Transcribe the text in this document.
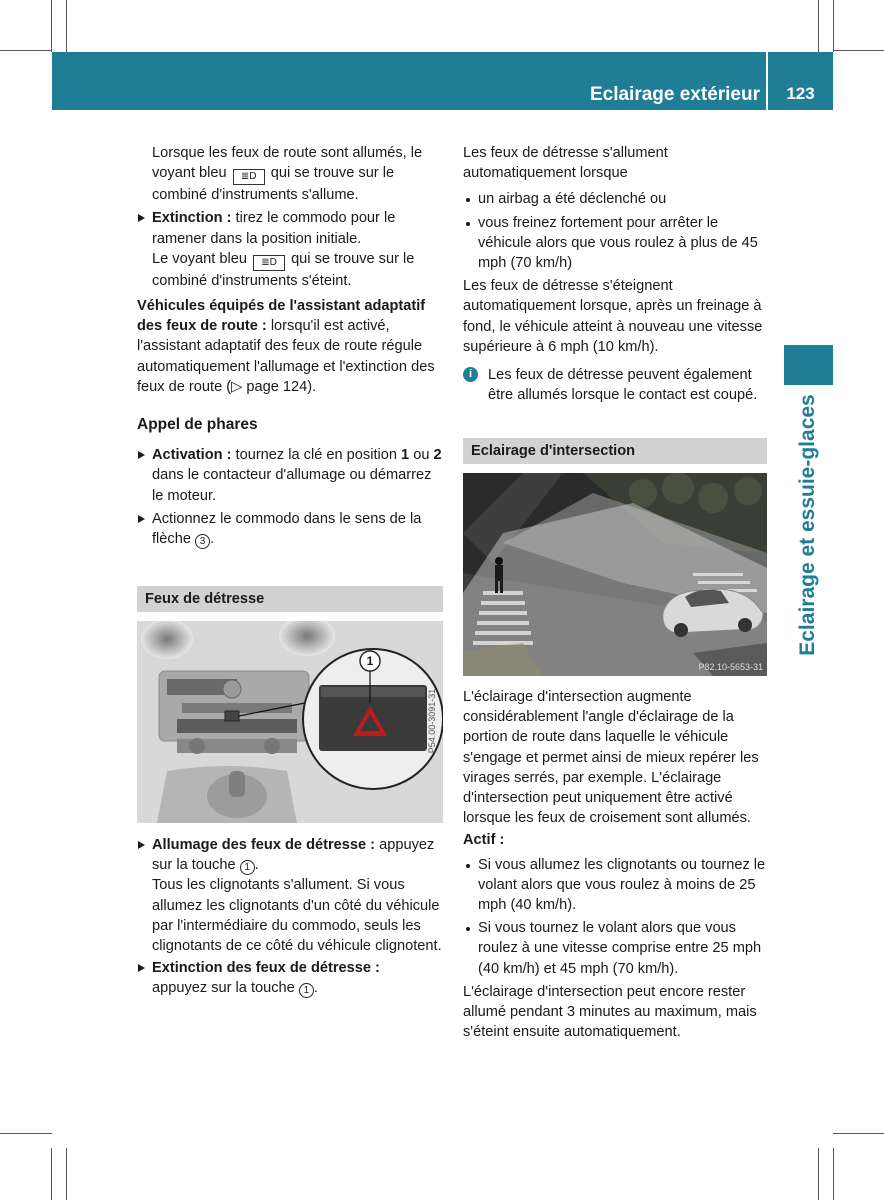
Eclairage extérieur	123
Eclairage et essuie-glaces

Lorsque les feux de route sont allumés, le voyant bleu ≣D qui se trouve sur le combiné d'instruments s'allume.

Extinction : tirez le commodo pour le ramener dans la position initiale.
Le voyant bleu ≣D qui se trouve sur le combiné d'instruments s'éteint.

Véhicules équipés de l'assistant adaptatif des feux de route : lorsqu'il est activé, l'assistant adaptatif des feux de route régule automatiquement l'allumage et l'extinction des feux de route (▷ page 124).

Appel de phares

Activation : tournez la clé en position 1 ou 2 dans le contacteur d'allumage ou démarrez le moteur.

Actionnez le commodo dans le sens de la flèche 3 .

Feux de détresse
1
P54.00-3091-31

Allumage des feux de détresse : appuyez sur la touche 1 .
Tous les clignotants s'allument. Si vous allumez les clignotants d'un côté du véhicule par l'intermédiaire du commodo, seuls les clignotants de ce côté du véhicule clignotent.

Extinction des feux de détresse :
appuyez sur la touche 1 .

Les feux de détresse s'allument automatiquement lorsque

un airbag a été déclenché ou

vous freinez fortement pour arrêter le véhicule alors que vous roulez à plus de 45 mph (70 km/h)

Les feux de détresse s'éteignent automatiquement lorsque, après un freinage à fond, le véhicule atteint à nouveau une vitesse supérieure à 6 mph (10 km/h).

i	Les feux de détresse peuvent également être allumés lorsque le contact est coupé.

Eclairage d'intersection
P82.10-5653-31

L'éclairage d'intersection augmente considérablement l'angle d'éclairage de la portion de route dans laquelle le véhicule s'engage et permet ainsi de mieux repérer les virages serrés, par exemple. L'éclairage d'intersection peut uniquement être activé lorsque les feux de croisement sont allumés.

Actif :

Si vous allumez les clignotants ou tournez le volant alors que vous roulez à moins de 25 mph (40 km/h).

Si vous tournez le volant alors que vous roulez à une vitesse comprise entre 25 mph (40 km/h) et 45 mph (70 km/h).

L'éclairage d'intersection peut encore rester allumé pendant 3 minutes au maximum, mais s'éteint ensuite automatiquement.
